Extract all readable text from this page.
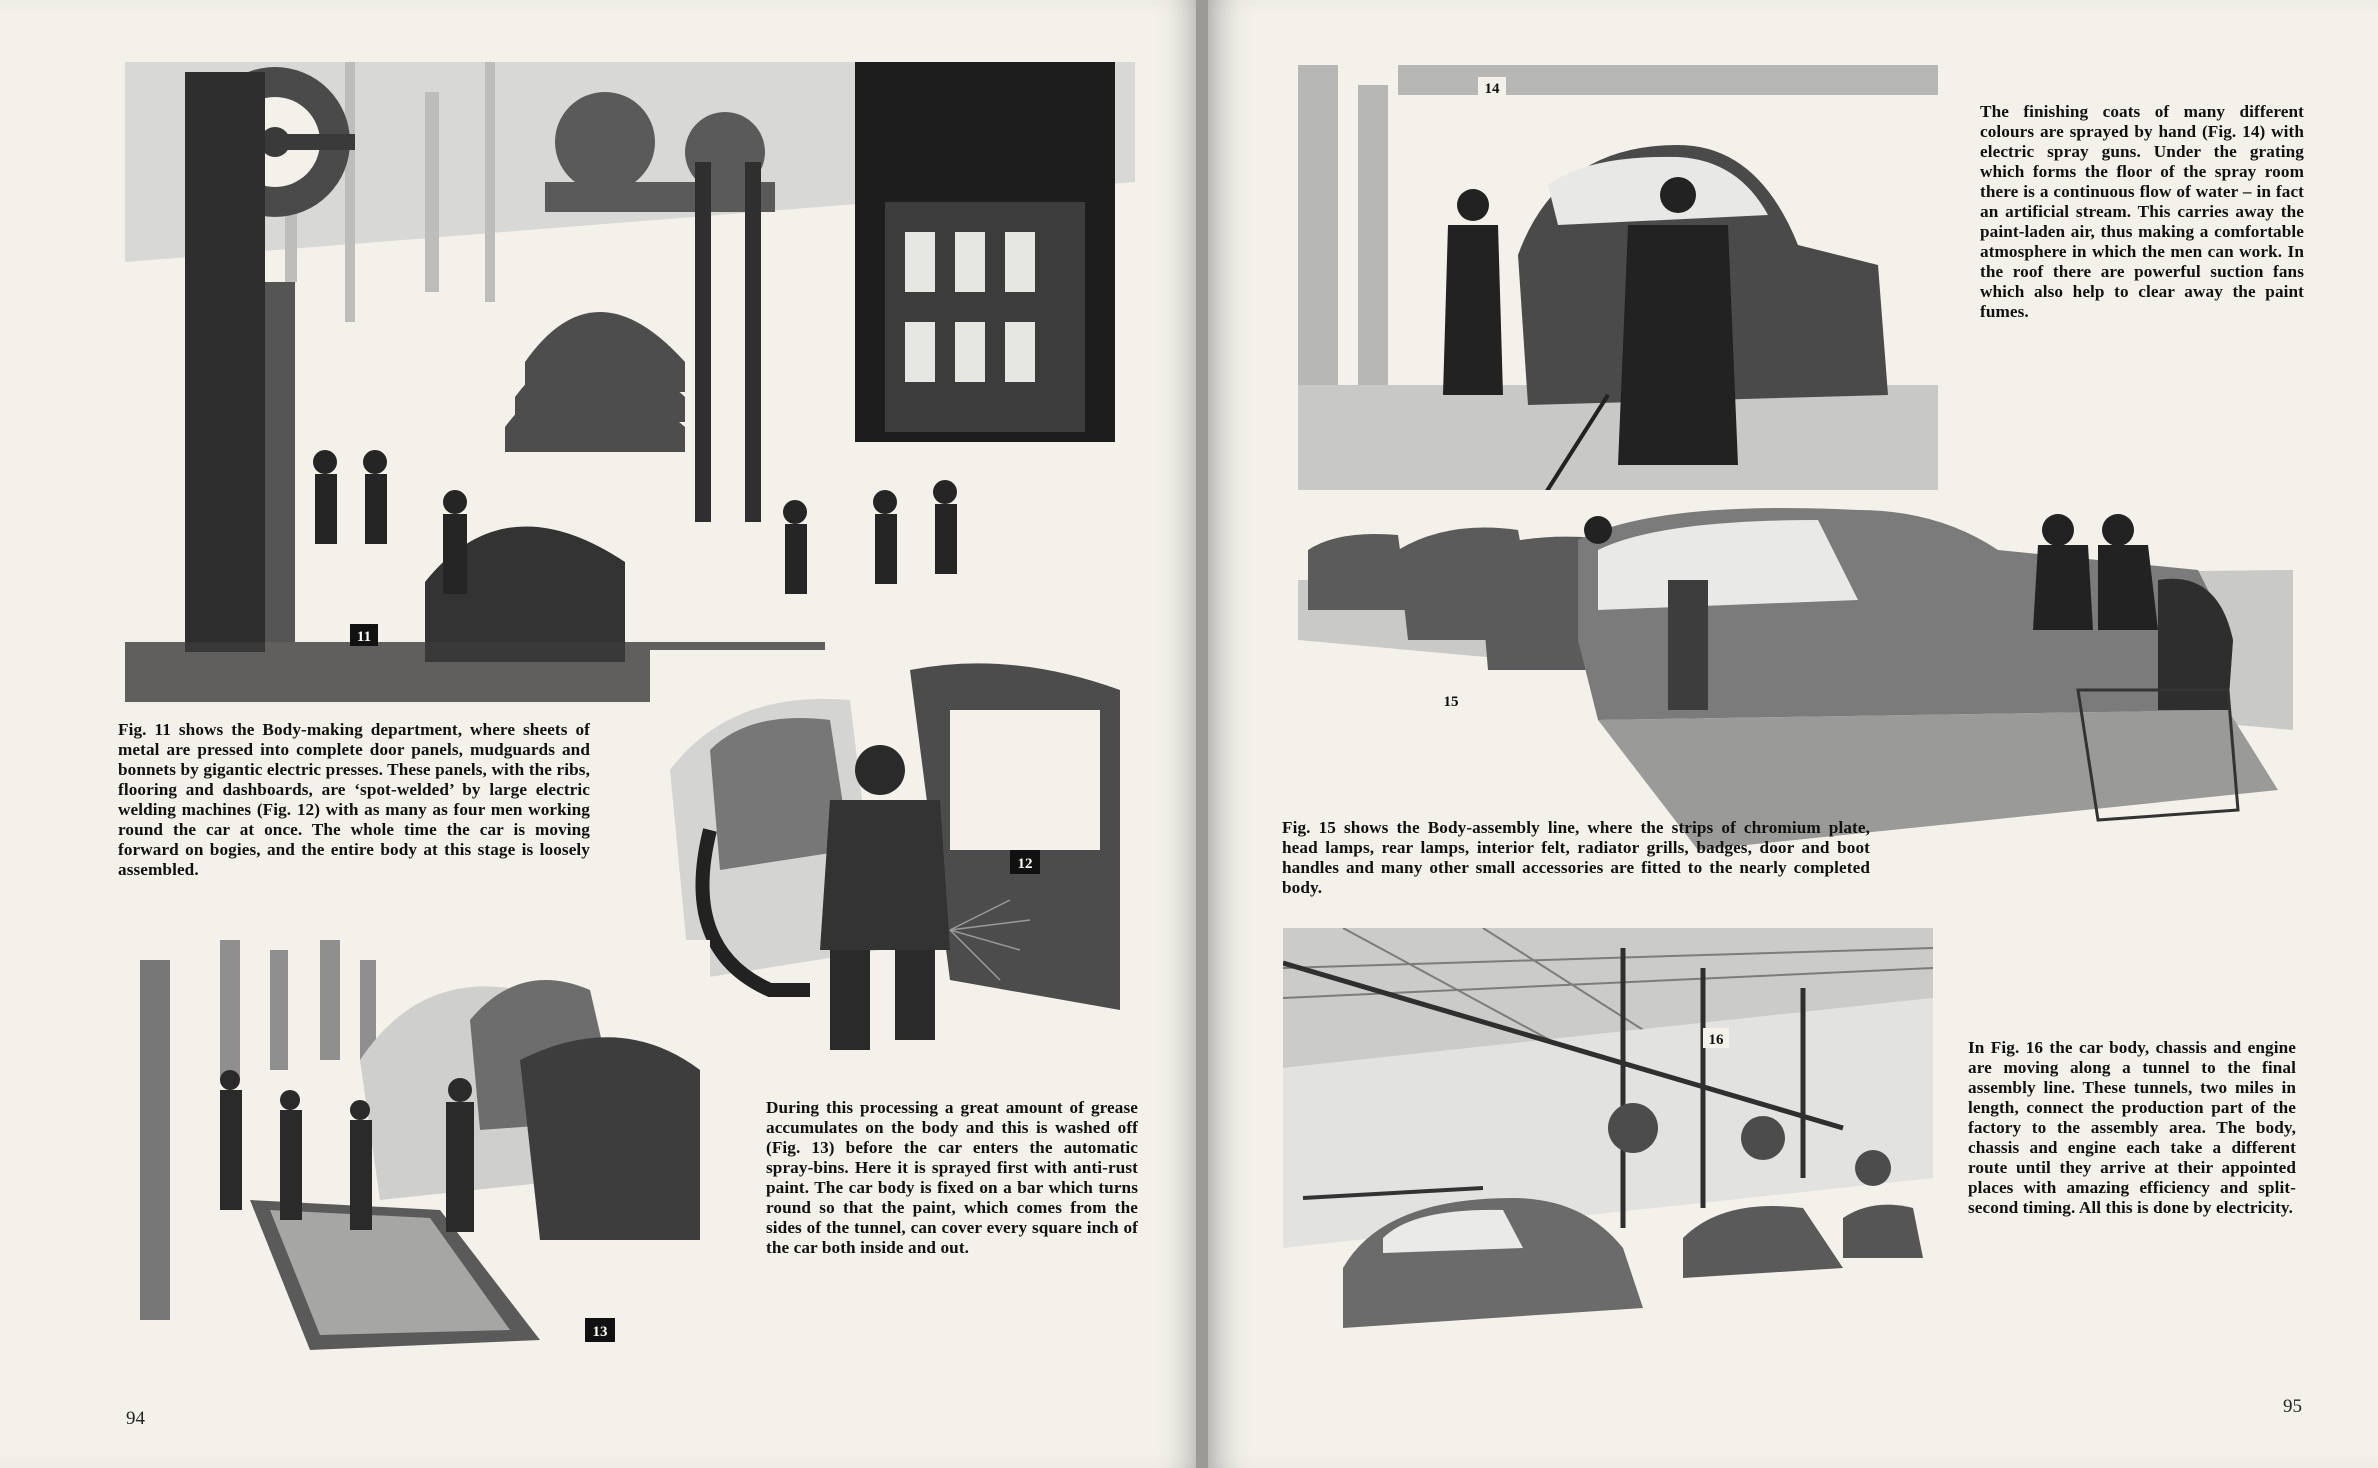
11
12

Fig. 11 shows the Body-making department, where sheets of metal are pressed into complete door panels, mudguards and bonnets by gigantic electric presses. These panels, with the ribs, flooring and dashboards, are ‘spot-welded’ by large electric welding machines (Fig. 12) with as many as four men working round the car at once. The whole time the car is moving forward on bogies, and the entire body at this stage is loosely assembled.

13

During this processing a great amount of grease accumulates on the body and this is washed off (Fig. 13) before the car enters the automatic spray-bins. Here it is sprayed first with anti-rust paint. The car body is fixed on a bar which turns round so that the paint, which comes from the sides of the tunnel, can cover every square inch of the car both inside and out.

94
14

The finishing coats of many different colours are sprayed by hand (Fig. 14) with electric spray guns. Under the grating which forms the floor of the spray room there is a continuous flow of water – in fact an artificial stream. This carries away the paint-laden air, thus making a comfortable atmosphere in which the men can work. In the roof there are powerful suction fans which also help to clear away the paint fumes.

15

Fig. 15 shows the Body-assembly line, where the strips of chromium plate, head lamps, rear lamps, interior felt, radiator grills, badges, door and boot handles and many other small accessories are fitted to the nearly completed body.

16	In Fig. 16 the car body, chassis and engine are moving along a tunnel to the final assembly line. These tunnels, two miles in length, connect the production part of the factory to the assembly area. The body, chassis and engine each take a different route until they arrive at their appointed places with amazing efficiency and split-second timing. All this is done by electricity.

95
